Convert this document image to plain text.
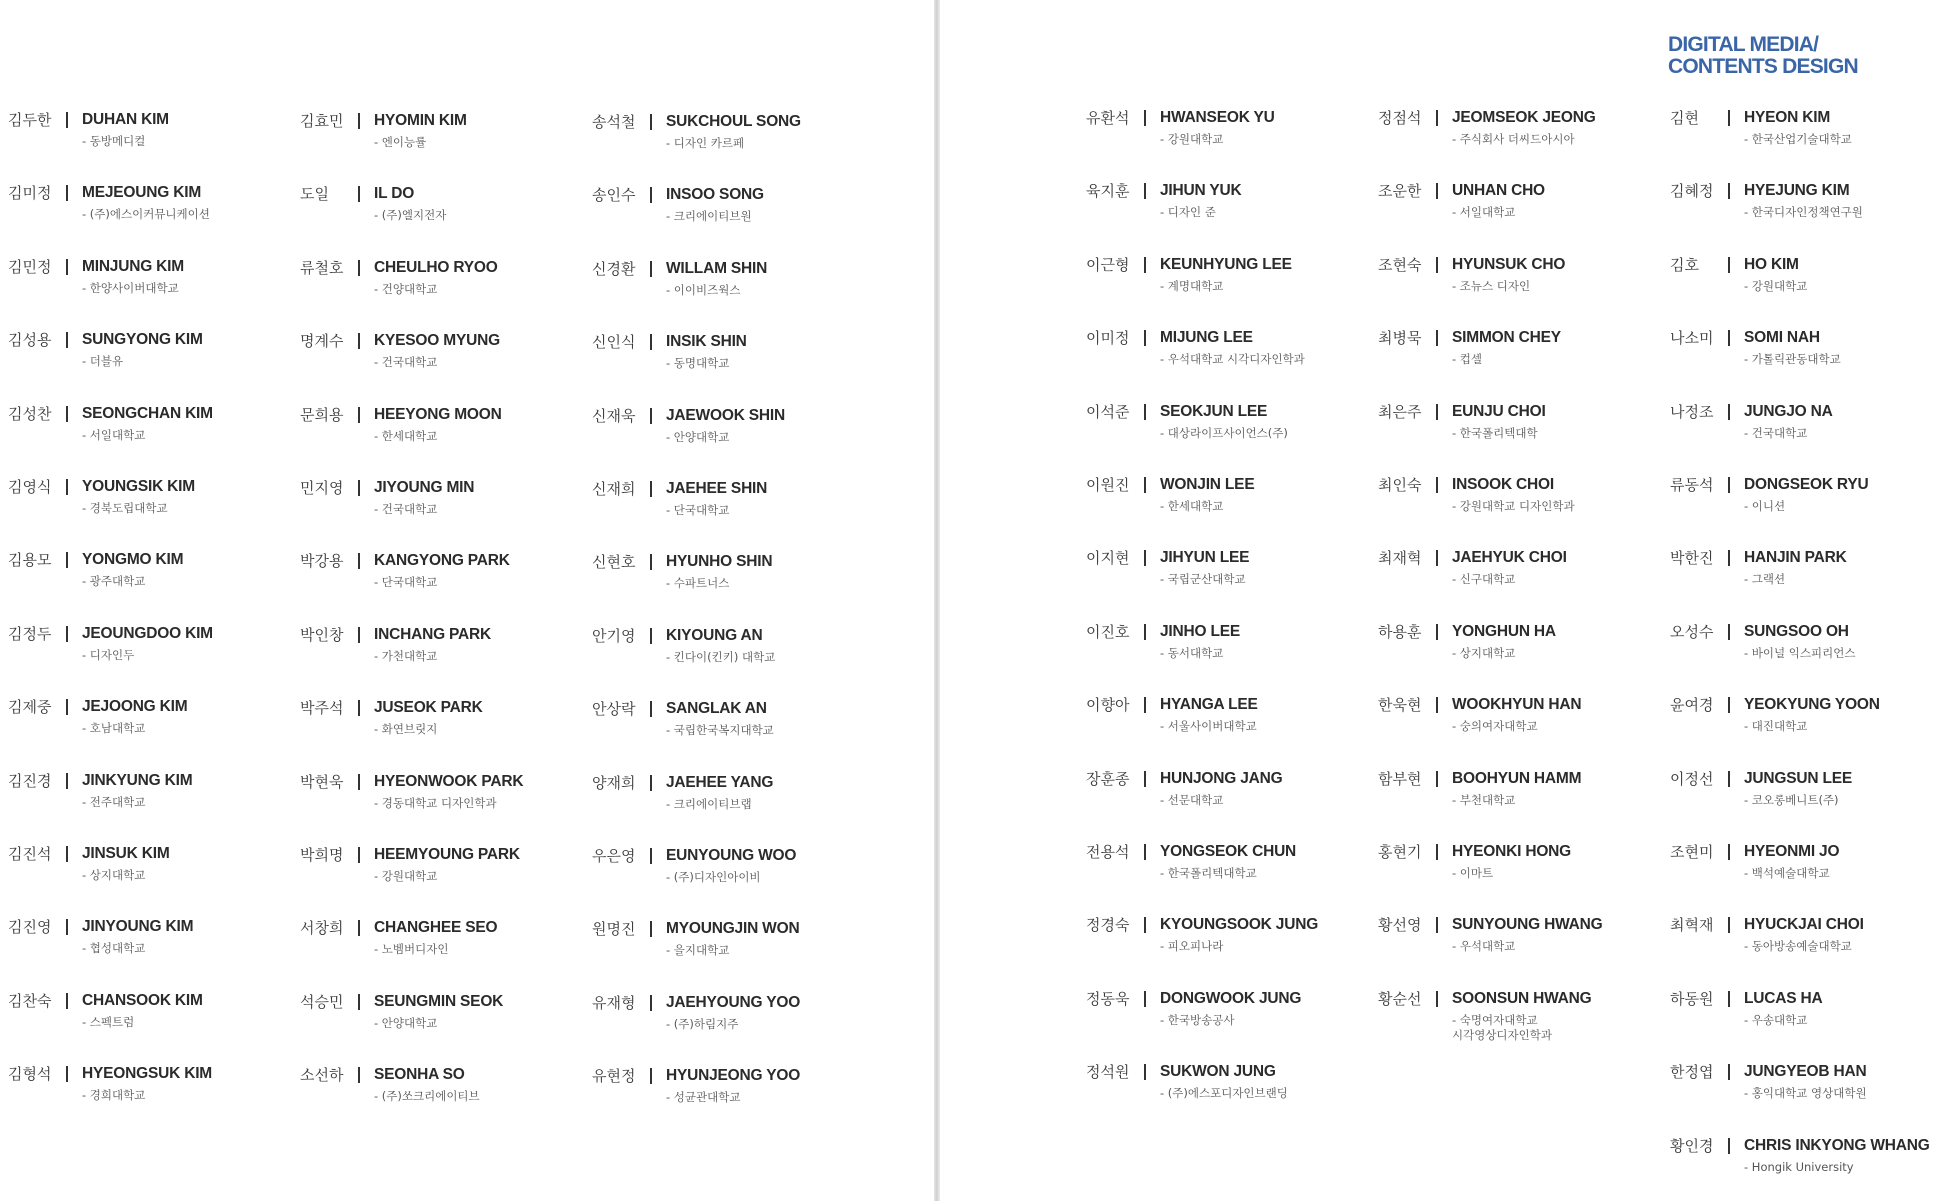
김두한 DUHAN KIM
- 동방메디컬
김미정 MEJEOUNG KIM
- (주)에스이커뮤니케이션
김민정 MINJUNG KIM
- 한양사이버대학교
김성용 SUNGYONG KIM
- 더블유
김성찬 SEONGCHAN KIM
- 서일대학교
김영식 YOUNGSIK KIM
- 경북도립대학교
김용모 YONGMO KIM
- 광주대학교
김정두 JEOUNGDOO KIM
- 디자인두
김제중 JEJOONG KIM
- 호남대학교
김진경 JINKYUNG KIM
- 전주대학교
김진석 JINSUK KIM
- 상지대학교
김진영 JINYOUNG KIM
- 협성대학교
김찬숙 CHANSOOK KIM
- 스펙트럼
김형석 HYEONGSUK KIM
- 경희대학교
김효민 HYOMIN KIM
- 엔이능률
도일	IL DO
- (주)엘지전자
류철호 CHEULHO RYOO
- 건양대학교
명계수 KYESOO MYUNG
- 건국대학교
문희용 HEEYONG MOON
- 한세대학교
민지영 JIYOUNG MIN
- 건국대학교
박강용 KANGYONG PARK
- 단국대학교
박인창 INCHANG PARK
- 가천대학교
박주석 JUSEOK PARK
- 화연브릿지
박현욱 HYEONWOOK PARK
- 경동대학교 디자인학과
박희명 HEEMYOUNG PARK
- 강원대학교
서창희 CHANGHEE SEO
- 노벰버디자인
석승민 SEUNGMIN SEOK
- 안양대학교
소선하 SEONHA SO
- (주)쏘크리에이티브
송석철 SUKCHOUL SONG
- 디자인 카르페
송인수 INSOO SONG
- 크리에이티브원
신경환 WILLAM SHIN
- 이이비즈웍스
신인식 INSIK SHIN
- 동명대학교
신재욱 JAEWOOK SHIN
- 안양대학교
신재희 JAEHEE SHIN
- 단국대학교
신현호 HYUNHO SHIN
- 수파트너스
안기영 KIYOUNG AN
- 킨다이(킨키) 대학교
안상락 SANGLAK AN
- 국립한국복지대학교
양재희 JAEHEE YANG
- 크리에이티브랩
우은영 EUNYOUNG WOO
- (주)디자인아이비
원명진 MYOUNGJIN WON
- 을지대학교
유재형 JAEHYOUNG YOO
- (주)하림지주
유현정 HYUNJEONG YOO
- 성균관대학교
DIGITAL MEDIA/
CONTENTS DESIGN
유환석 HWANSEOK YU
- 강원대학교
육지훈 JIHUN YUK
- 디자인 준
이근형 KEUNHYUNG LEE
- 계명대학교
이미정 MIJUNG LEE
- 우석대학교 시각디자인학과
이석준 SEOKJUN LEE
- 대상라이프사이언스(주)
이원진 WONJIN LEE
- 한세대학교
이지현 JIHYUN LEE
- 국립군산대학교
이진호 JINHO LEE
- 동서대학교
이향아 HYANGA LEE
- 서울사이버대학교
장훈종 HUNJONG JANG
- 선문대학교
전용석 YONGSEOK CHUN
- 한국폴리텍대학교
정경숙 KYOUNGSOOK JUNG
- 피오피나라
정동욱 DONGWOOK JUNG
- 한국방송공사
정석원 SUKWON JUNG
- (주)에스포디자인브랜딩
정점석 JEOMSEOK JEONG
- 주식회사 더씨드아시아
조운한 UNHAN CHO
- 서일대학교
조현숙 HYUNSUK CHO
- 조뉴스 디자인
최병묵 SIMMON CHEY
- 컵셀
최은주 EUNJU CHOI
- 한국폴리텍대학
최인숙 INSOOK CHOI
- 강원대학교 디자인학과
최재혁 JAEHYUK CHOI
- 신구대학교
하용훈 YONGHUN HA
- 상지대학교
한욱현 WOOKHYUN HAN
- 숭의여자대학교
함부현 BOOHYUN HAMM
- 부천대학교
홍현기 HYEONKI HONG
- 이마트
황선영 SUNYOUNG HWANG
- 우석대학교
황순선 SOONSUN HWANG
- 숙명여자대학교
시각영상디자인학과
김현	HYEON KIM
- 한국산업기술대학교
김혜정 HYEJUNG KIM
- 한국디자인정책연구원
김호	HO KIM
- 강원대학교
나소미 SOMI NAH
- 가톨릭관동대학교
나정조 JUNGJO NA
- 건국대학교
류동석 DONGSEOK RYU
- 이니션
박한진 HANJIN PARK
- 그랙션
오성수 SUNGSOO OH
- 바이널 익스피리언스
윤여경 YEOKYUNG YOON
- 대진대학교
이정선 JUNGSUN LEE
- 코오롱베니트(주)
조현미 HYEONMI JO
- 백석예술대학교
최혁재 HYUCKJAI CHOI
- 동아방송예술대학교
하동원 LUCAS HA
- 우송대학교
한정엽 JUNGYEOB HAN
- 홍익대학교 영상대학원
황인경 CHRIS INKYONG WHANG
- Hongik University
